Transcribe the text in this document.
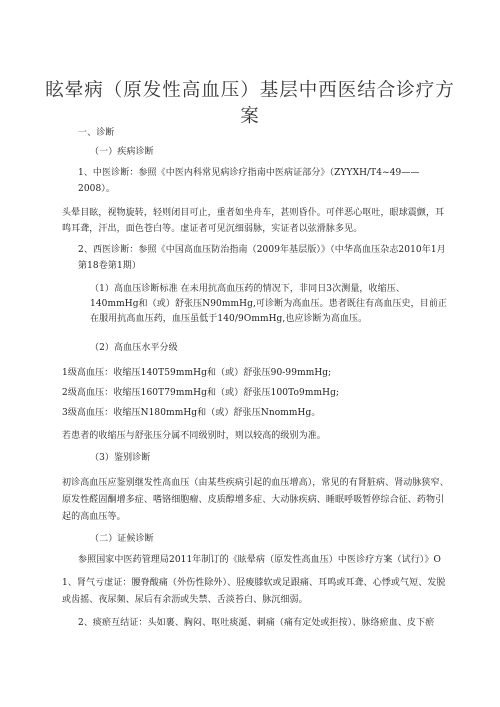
眩晕病（原发性高血压）基层中西医结合诊疗方案

一、诊断

（一）疾病诊断

1、中医诊断：参照《中医内科常见病诊疗指南中医病证部分》（ZYYXH/T4~49——2008）。

头晕目眩，视物旋转，轻则闭目可止，重者如坐舟车，甚则昏仆。可伴恶心呕吐，眼球震颤，耳鸣耳聋，汗出，面色苍白等。虚证者可见沉细弱脉，实证者以弦滑脉多见。

2、西医诊断：参照《中国高血压防治指南（2009年基层版）》（中华高血压杂志2010年1月第18卷第1期）

（1）高血压诊断标准 在未用抗高血压药的情况下，非同日3次测量，收缩压、140mmHg和（或）舒张压N90mmHg,可诊断为高血压。患者既往有高血压史，目前正在服用抗高血压药，血压虽低于140/9OmmHg,也应诊断为高血压。

（2）高血压水平分级

1级高血压：收缩压140T59mmHg和（或）舒张压90-99mmHg;

2级高血压：收缩压160T79mmHg和（或）舒张压100To9mmHg;

3级高血压：收缩压N180mmHg和（或）舒张压NnommHg。

若患者的收缩压与舒张压分属不同级别时，则以较高的级别为准。

（3）鉴别诊断

初诊高血压应鉴别继发性高血压（由某些疾病引起的血压增高），常见的有肾脏病、肾动脉狭窄、原发性醛固酮增多症、嗜铬细胞瘤、皮质醇增多症、大动脉疾病、睡眠呼吸暂停综合征、药物引起的高血压等。

（二）证候诊断

参照国家中医药管理局2011年制订的《眩晕病（原发性高血压）中医诊疗方案（试行）》O

1、肾气亏虚证：腰脊酸痛（外伤性除外）、胫痠膝软或足跟痛、耳鸣或耳聋、心悸或气短、发脱或齿摇、夜尿频、尿后有余沥或失禁、舌淡苔白、脉沉细弱。

2、痰瘀互结证：头如裹、胸闷、呕吐痰涎、刺痛（痛有定处或拒按）、脉络瘀血、皮下瘀
